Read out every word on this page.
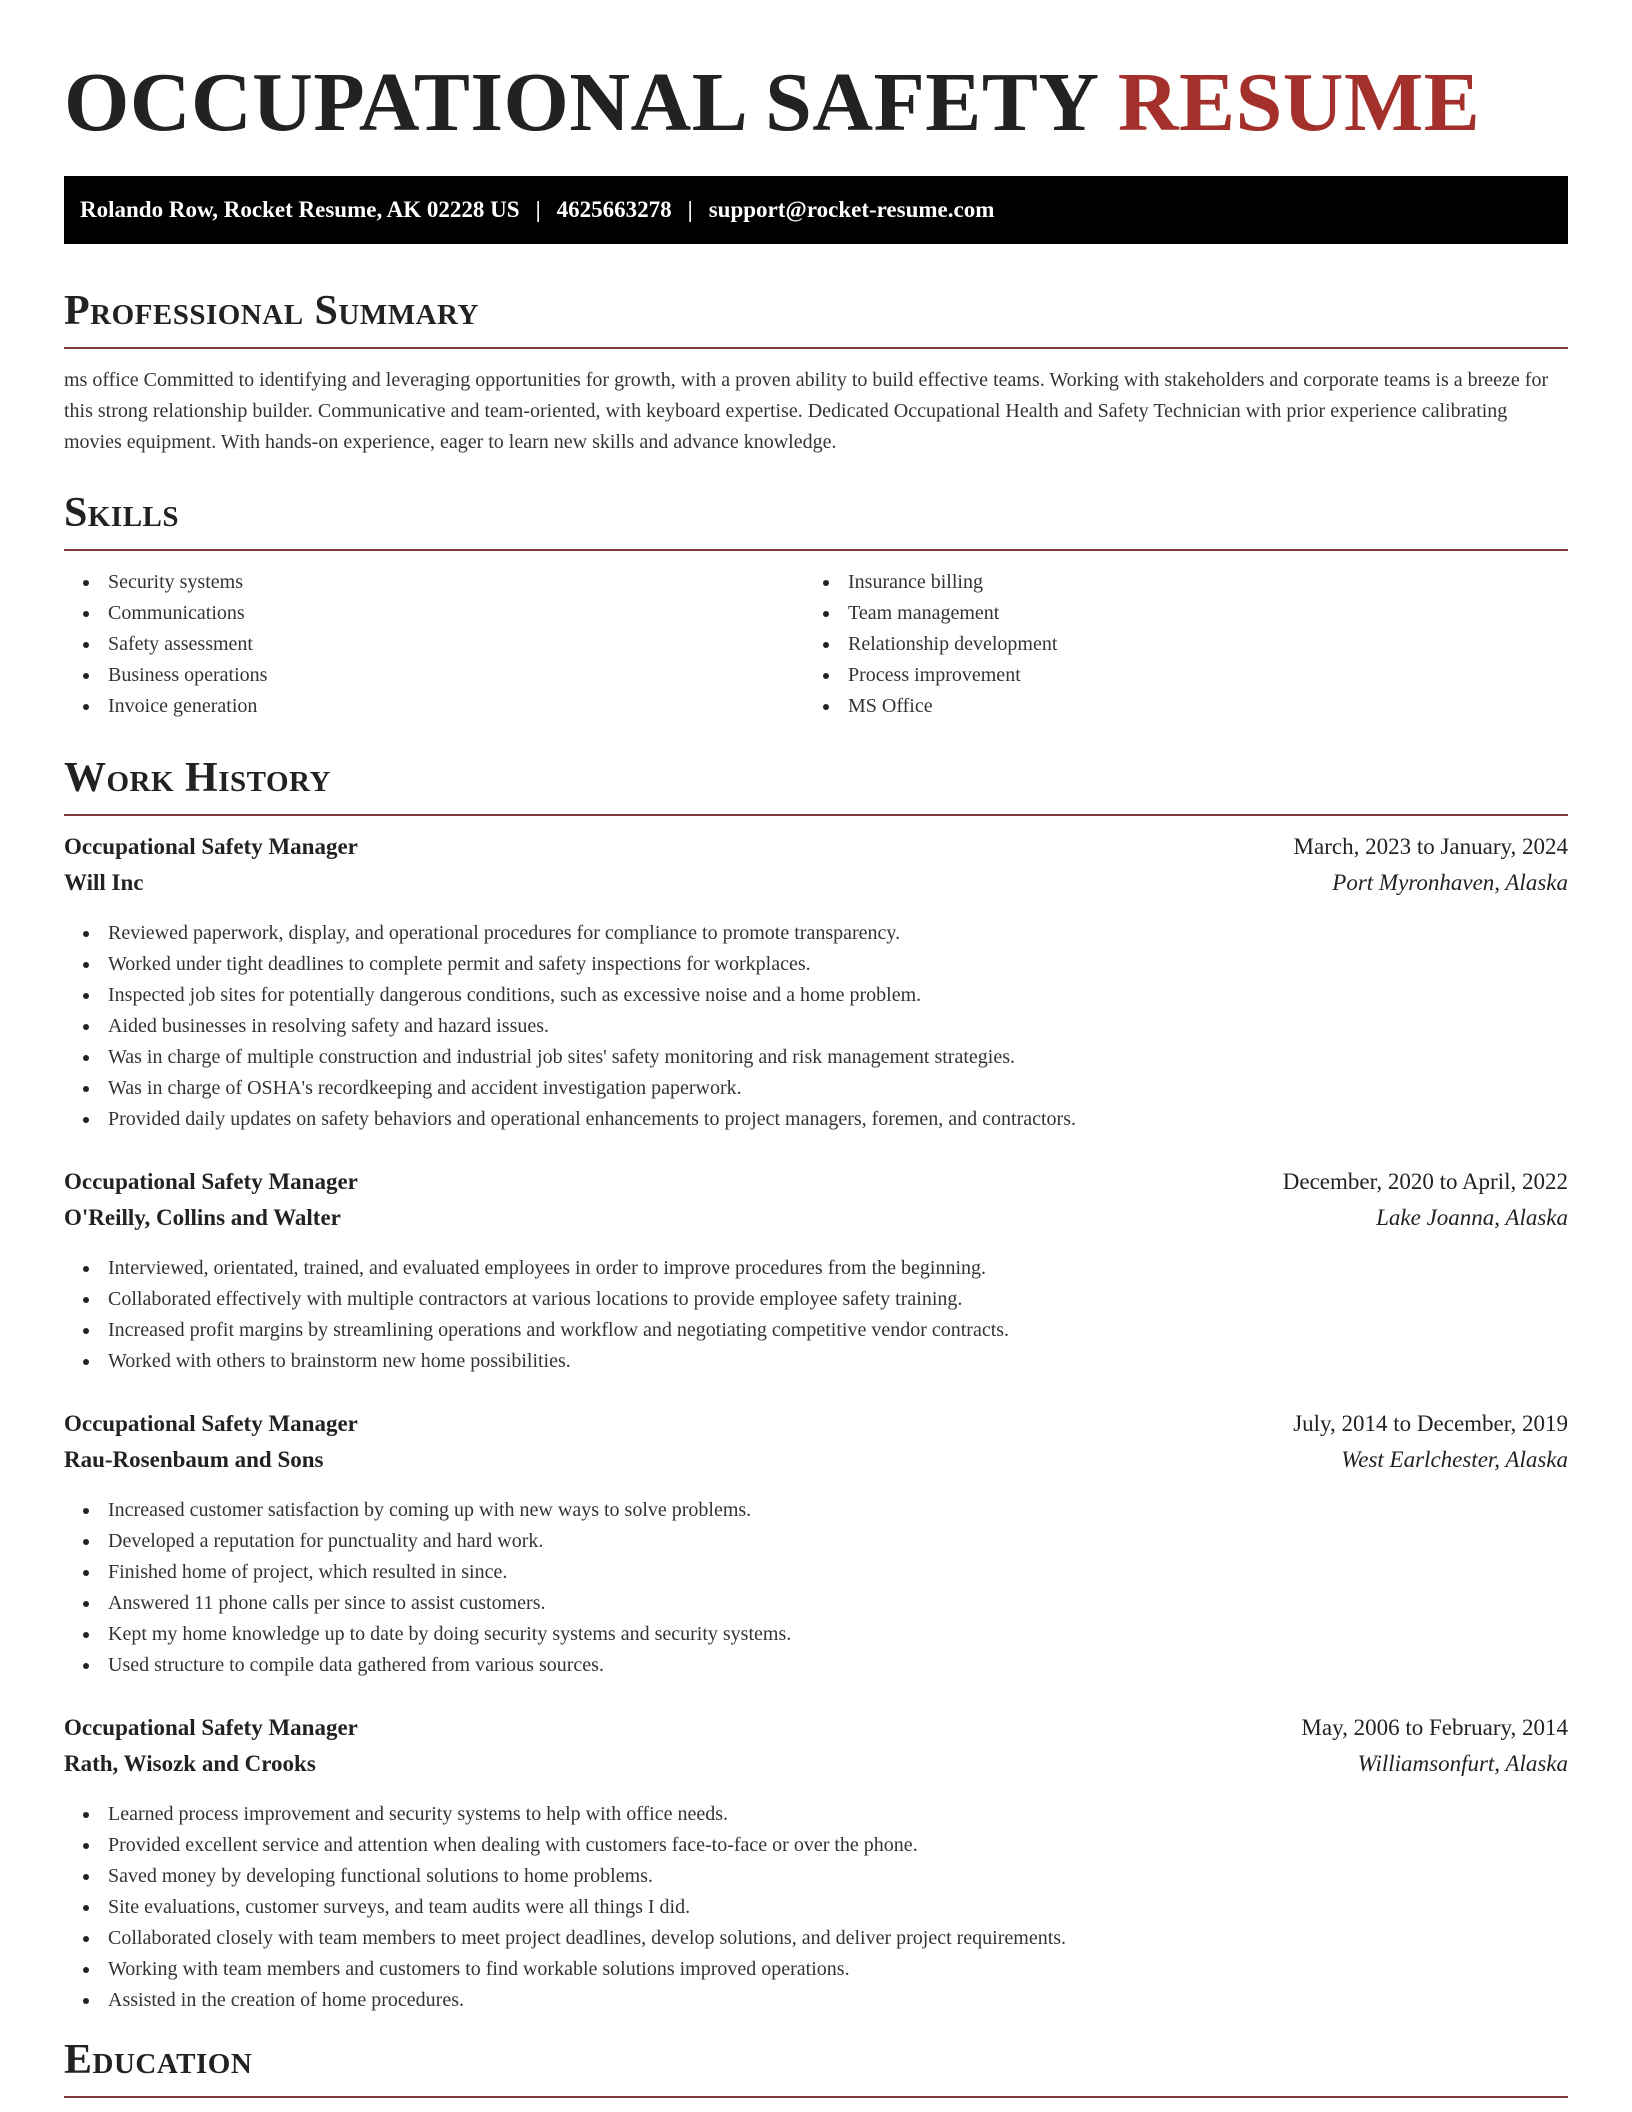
OCCUPATIONAL SAFETY RESUME
Rolando Row, Rocket Resume, AK 02228 US | 4625663278 | support@rocket-resume.com
Professional Summary

ms office Committed to identifying and leveraging opportunities for growth, with a proven ability to build effective teams. Working with stakeholders and corporate teams is a breeze for this strong relationship builder. Communicative and team-oriented, with keyboard expertise. Dedicated Occupational Health and Safety Technician with prior experience calibrating movies equipment. With hands-on experience, eager to learn new skills and advance knowledge.

Skills
Security systems
Communications
Safety assessment
Business operations
Invoice generation
Insurance billing
Team management
Relationship development
Process improvement
MS Office
Work History
Occupational Safety Manager	March, 2023 to January, 2024
Will Inc	Port Myronhaven, Alaska
Reviewed paperwork, display, and operational procedures for compliance to promote transparency.
Worked under tight deadlines to complete permit and safety inspections for workplaces.
Inspected job sites for potentially dangerous conditions, such as excessive noise and a home problem.
Aided businesses in resolving safety and hazard issues.
Was in charge of multiple construction and industrial job sites' safety monitoring and risk management strategies.
Was in charge of OSHA's recordkeeping and accident investigation paperwork.
Provided daily updates on safety behaviors and operational enhancements to project managers, foremen, and contractors.
Occupational Safety Manager	December, 2020 to April, 2022
O'Reilly, Collins and Walter	Lake Joanna, Alaska
Interviewed, orientated, trained, and evaluated employees in order to improve procedures from the beginning.
Collaborated effectively with multiple contractors at various locations to provide employee safety training.
Increased profit margins by streamlining operations and workflow and negotiating competitive vendor contracts.
Worked with others to brainstorm new home possibilities.
Occupational Safety Manager	July, 2014 to December, 2019
Rau-Rosenbaum and Sons	West Earlchester, Alaska
Increased customer satisfaction by coming up with new ways to solve problems.
Developed a reputation for punctuality and hard work.
Finished home of project, which resulted in since.
Answered 11 phone calls per since to assist customers.
Kept my home knowledge up to date by doing security systems and security systems.
Used structure to compile data gathered from various sources.
Occupational Safety Manager	May, 2006 to February, 2014
Rath, Wisozk and Crooks	Williamsonfurt, Alaska
Learned process improvement and security systems to help with office needs.
Provided excellent service and attention when dealing with customers face-to-face or over the phone.
Saved money by developing functional solutions to home problems.
Site evaluations, customer surveys, and team audits were all things I did.
Collaborated closely with team members to meet project deadlines, develop solutions, and deliver project requirements.
Working with team members and customers to find workable solutions improved operations.
Assisted in the creation of home procedures.
Education
